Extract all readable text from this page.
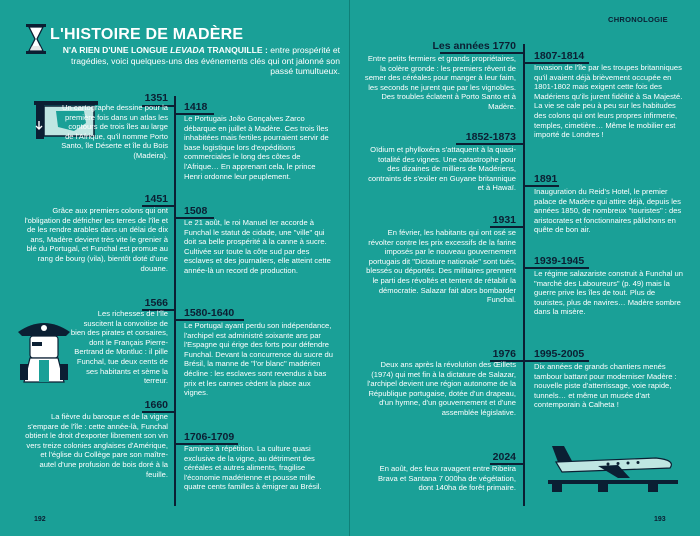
L'HISTOIRE DE MADÈRE
N'A RIEN D'UNE LONGUE LEVADA TRANQUILLE : entre prospérité et tragédies, voici quelques-uns des événements clés qui ont jalonné son passé tumultueux.
1351
Un cartographe dessine pour la première fois dans un atlas les contours de trois îles au large de l'Afrique, qu'il nomme Porto Santo, île Déserte et île du Bois (Madeira).
1418
Le Portugais João Gonçalves Zarco débarque en juillet à Madère. Ces trois îles inhabitées mais fertiles pourraient servir de base logistique lors d'expéditions commerciales le long des côtes de l'Afrique… En apprenant cela, le prince Henri ordonne leur peuplement.
1451
Grâce aux premiers colons qui ont l'obligation de défricher les terres de l'île et de les rendre arables dans un délai de dix ans, Madère devient très vite le grenier à blé du Portugal, et Funchal est promue au rang de bourg (vila), bientôt doté d'une douane.
1508
Le 21 août, le roi Manuel Ier accorde à Funchal le statut de cidade, une "ville" qui doit sa belle prospérité à la canne à sucre. Cultivée sur toute la côte sud par des esclaves et des journaliers, elle atteint cette année-là un record de production.
1566
Les richesses de l'île suscitent la convoitise de bien des pirates et corsaires, dont le Français Pierre-Bertrand de Montluc : il pille Funchal, tue deux cents de ses habitants et sème la terreur.
1580-1640
Le Portugal ayant perdu son indépendance, l'archipel est administré soixante ans par l'Espagne qui érige des forts pour défendre Funchal. Devant la concurrence du sucre du Brésil, la manne de "l'or blanc" madérien décline : les esclaves sont revendus à bas prix et les cannes cèdent la place aux vignes.
1660
La fièvre du baroque et de la vigne s'empare de l'île : cette année-là, Funchal obtient le droit d'exporter librement son vin vers treize colonies anglaises d'Amérique, et l'église du Collège pare son maître-autel d'une profusion de bois doré à la feuille.
1706-1709
Famines à répétition. La culture quasi exclusive de la vigne, au détriment des céréales et autres aliments, fragilise l'économie madérienne et pousse mille quatre cents familles à émigrer au Brésil.
192
CHRONOLOGIE
Les années 1770
Entre petits fermiers et grands propriétaires, la colère gronde : les premiers rêvent de semer des céréales pour manger à leur faim, les seconds ne jurent que par les vignobles. Des troubles éclatent à Porto Santo et à Madère.
1807-1814
Invasion de l'île par les troupes britanniques qu'il avaient déjà brièvement occupée en 1801-1802 mais exigent cette fois des Madériens qu'ils jurent fidélité à Sa Majesté. La vie se cale peu à peu sur les habitudes des colons qui ont leurs propres infirmerie, temples, cimetière… Même le mobilier est importé de Londres !
1852-1873
Oïdium et phylloxéra s'attaquent à la quasi-totalité des vignes. Une catastrophe pour des dizaines de milliers de Madériens, contraints de s'exiler en Guyane britannique et à Hawaï.
1891
Inauguration du Reid's Hotel, le premier palace de Madère qui attire déjà, depuis les années 1850, de nombreux "touristes" : des aristocrates et fonctionnaires pâlichons en quête de bon air.
1931
En février, les habitants qui ont osé se révolter contre les prix excessifs de la farine imposés par le nouveau gouvernement portugais dit "Dictature nationale" sont tués, blessés ou déportés. Des militaires prennent le parti des révoltés et tentent de rétablir la démocratie. Salazar fait alors bombarder Funchal.
1939-1945
Le régime salazariste construit à Funchal un "marché des Laboureurs" (p. 49) mais la guerre prive les îles de tout. Plus de touristes, plus de navires… Madère sombre dans la misère.
1976
Deux ans après la révolution des Œillets (1974) qui met fin à la dictature de Salazar, l'archipel devient une région autonome de la République portugaise, dotée d'un drapeau, d'un hymne, d'un gouvernement et d'une assemblée législative.
1995-2005
Dix années de grands chantiers menés tambour battant pour moderniser Madère : nouvelle piste d'atterrissage, voie rapide, tunnels… et même un musée d'art contemporain à Calheta !
2024
En août, des feux ravagent entre Ribeira Brava et Santana 7 000ha de végétation, dont 140ha de forêt primaire.
193
